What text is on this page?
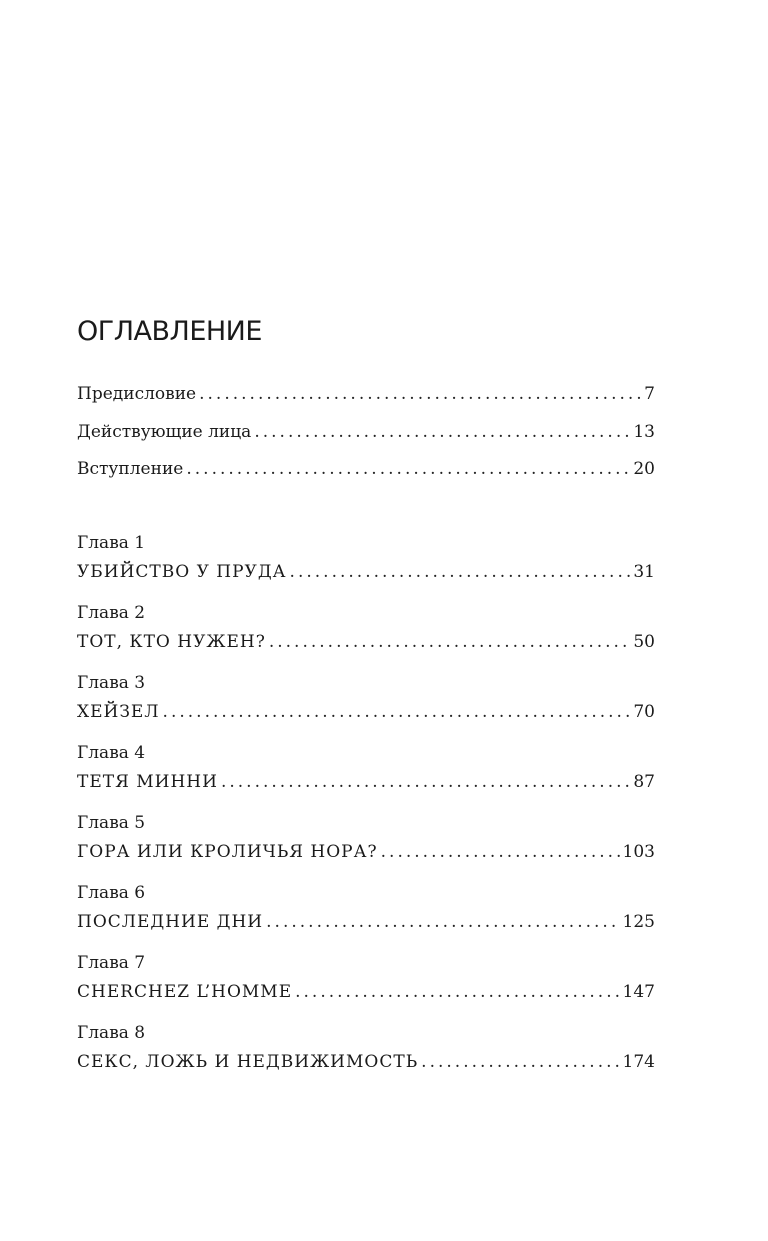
ОГЛАВЛЕНИЕ
Предисловие . . .	7
Действующие лица . . .	13
Вступление . . .	20
Глава 1
УБИЙСТВО У ПРУДА . . .	31
Глава 2
ТОТ, КТО НУЖЕН? . . .	50
Глава 3
ХЕЙЗЕЛ . . .	70
Глава 4
ТЕТЯ МИННИ . . .	87
Глава 5
ГОРА ИЛИ КРОЛИЧЬЯ НОРА? . . .	103
Глава 6
ПОСЛЕДНИЕ ДНИ . . .	125
Глава 7
CHERCHEZ L’HOMME . . .	147
Глава 8
СЕКС, ЛОЖЬ И НЕДВИЖИМОСТЬ . . .	174
